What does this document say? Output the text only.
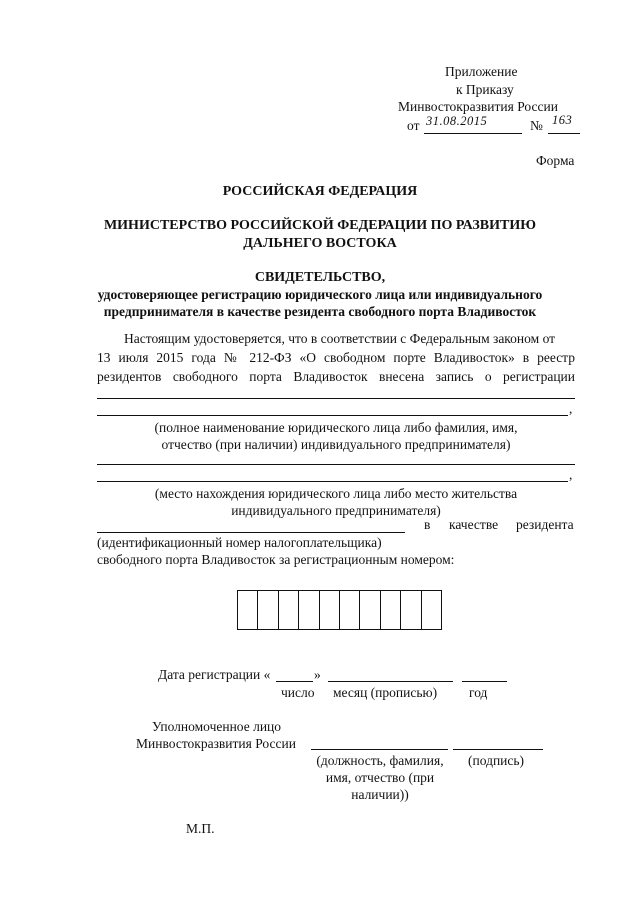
Приложение
к Приказу
Минвостокразвития России
от 31.08.2015	№ 163
Форма
РОССИЙСКАЯ ФЕДЕРАЦИЯ
МИНИСТЕРСТВО РОССИЙСКОЙ ФЕДЕРАЦИИ ПО РАЗВИТИЮ
ДАЛЬНЕГО ВОСТОКА
СВИДЕТЕЛЬСТВО,
удостоверяющее регистрацию юридического лица или индивидуального
предпринимателя в качестве резидента свободного порта Владивосток
Настоящим удостоверяется, что в соответствии с Федеральным законом от
13 июля 2015 года № 212-ФЗ «О свободном порте Владивосток» в реестр
резидентов свободного порта Владивосток внесена запись о регистрации
,
(полное наименование юридического лица либо фамилия, имя,
отчество (при наличии) индивидуального предпринимателя)
,
(место нахождения юридического лица либо место жительства
индивидуального предпринимателя)
в качестве резидента
(идентификационный номер налогоплательщика)
свободного порта Владивосток за регистрационным номером:
Дата регистрации «	»
число месяц (прописью) год
Уполномоченное лицо
Минвостокразвития России
(должность, фамилия,
имя, отчество (при
наличии))
(подпись)
М.П.
